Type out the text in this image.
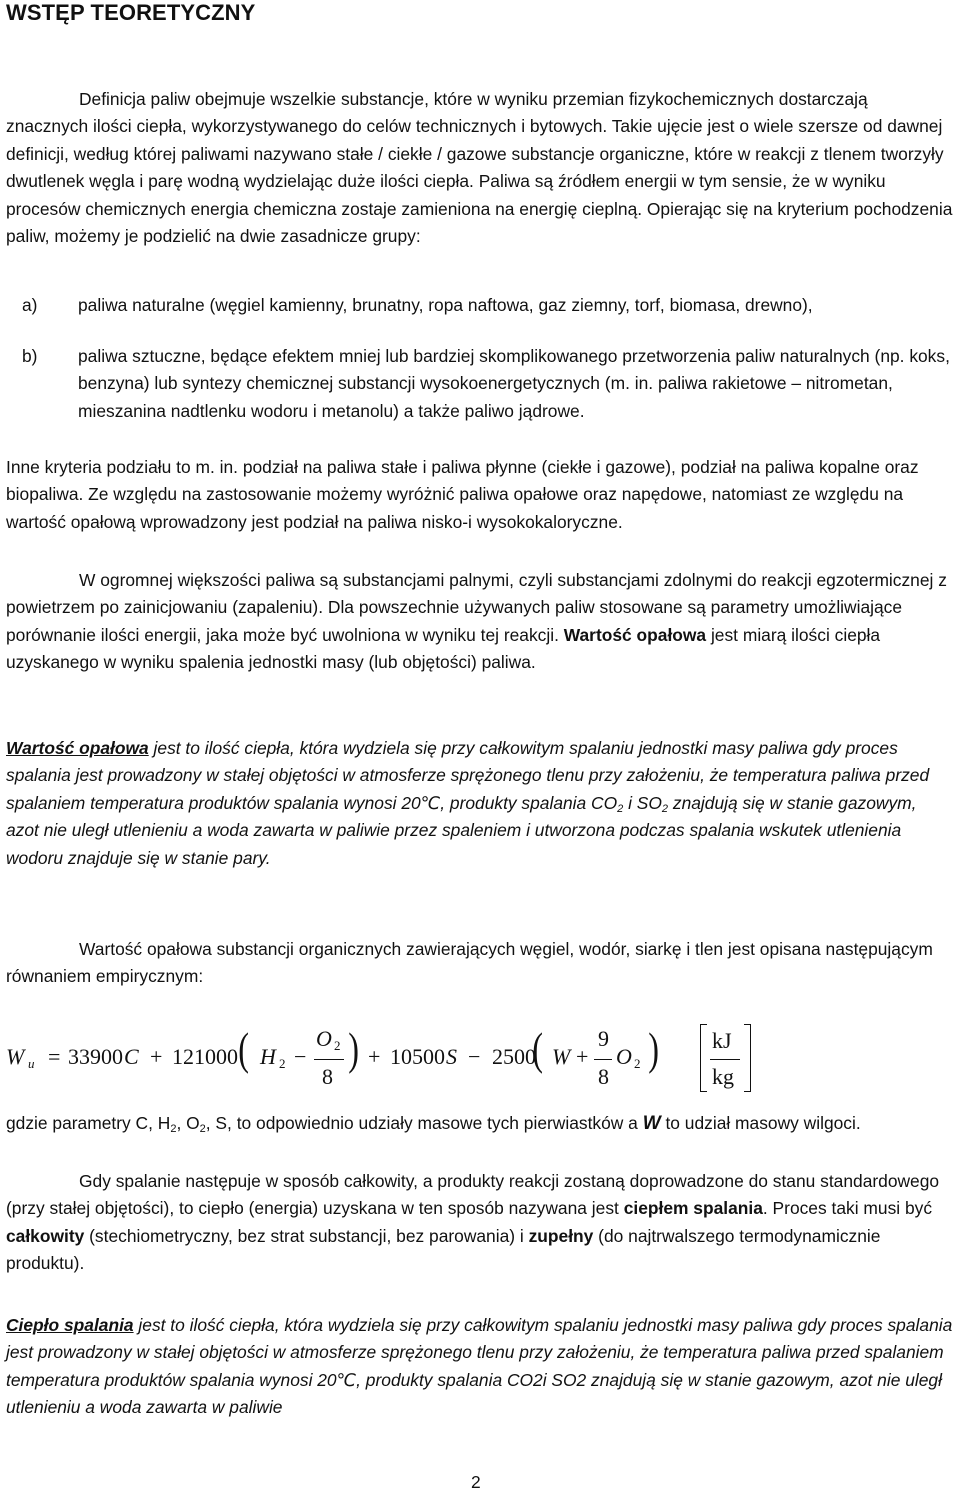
WSTĘP TEORETYCZNY

Definicja paliw obejmuje wszelkie substancje, które w wyniku przemian fizykochemicznych dostarczają znacznych ilości ciepła, wykorzystywanego do celów technicznych i bytowych. Takie ujęcie jest o wiele szersze od dawnej definicji, według której paliwami nazywano stałe / ciekłe / gazowe substancje organiczne, które w reakcji z tlenem tworzyły dwutlenek węgla i parę wodną wydzielając duże ilości ciepła. Paliwa są źródłem energii w tym sensie, że w wyniku procesów chemicznych energia chemiczna zostaje zamieniona na energię cieplną. Opierając się na kryterium pochodzenia paliw, możemy je podzielić na dwie zasadnicze grupy:

a) paliwa naturalne (węgiel kamienny, brunatny, ropa naftowa, gaz ziemny, torf, biomasa, drewno),
b) paliwa sztuczne, będące efektem mniej lub bardziej skomplikowanego przetworzenia paliw naturalnych (np. koks, benzyna) lub syntezy chemicznej substancji wysokoenergetycznych (m. in. paliwa rakietowe – nitrometan, mieszanina nadtlenku wodoru i metanolu) a także paliwo jądrowe.

Inne kryteria podziału to m. in. podział na paliwa stałe i paliwa płynne (ciekłe i gazowe), podział na paliwa kopalne oraz biopaliwa. Ze względu na zastosowanie możemy wyróżnić paliwa opałowe oraz napędowe, natomiast ze względu na wartość opałową wprowadzony jest podział na paliwa nisko-i wysokokaloryczne.

W ogromnej większości paliwa są substancjami palnymi, czyli substancjami zdolnymi do reakcji egzotermicznej z powietrzem po zainicjowaniu (zapaleniu). Dla powszechnie używanych paliw stosowane są parametry umożliwiające porównanie ilości energii, jaka może być uwolniona w wyniku tej reakcji. Wartość opałowa jest miarą ilości ciepła uzyskanego w wyniku spalenia jednostki masy (lub objętości) paliwa.

Wartość opałowa jest to ilość ciepła, która wydziela się przy całkowitym spalaniu jednostki masy paliwa gdy proces spalania jest prowadzony w stałej objętości w atmosferze sprężonego tlenu przy założeniu, że temperatura paliwa przed spalaniem temperatura produktów spalania wynosi 20℃, produkty spalania $CO_2$ i $SO_2$ znajdują się w stanie gazowym, azot nie uległ utlenieniu a woda zawarta w paliwie przez spaleniem i utworzona podczas spalania wskutek utlenienia wodoru znajduje się w stanie pary.

Wartość opałowa substancji organicznych zawierających węgiel, wodór, siarkę i tlen jest opisana następującym równaniem empirycznym:

W u = 33900 C + 121000 ( H 2 −
O 2
8
) + 10500 S − 2500
( W +
9
8
O 2 ) kJ
kg

gdzie parametry C, $H_2$, $O_2$, S, to odpowiednio udziały masowe tych pierwiastków a W to udział masowy wilgoci.

Gdy spalanie następuje w sposób całkowity, a produkty reakcji zostaną doprowadzone do stanu standardowego (przy stałej objętości), to ciepło (energia) uzyskana w ten sposób nazywana jest ciepłem spalania. Proces taki musi być całkowity (stechiometryczny, bez strat substancji, bez parowania) i zupełny (do najtrwalszego termodynamicznie produktu).

Ciepło spalania jest to ilość ciepła, która wydziela się przy całkowitym spalaniu jednostki masy paliwa gdy proces spalania jest prowadzony w stałej objętości w atmosferze sprężonego tlenu przy założeniu, że temperatura paliwa przed spalaniem temperatura produktów spalania wynosi 20℃, produkty spalania CO2i SO2 znajdują się w stanie gazowym, azot nie uległ utlenieniu a woda zawarta w paliwie

2
